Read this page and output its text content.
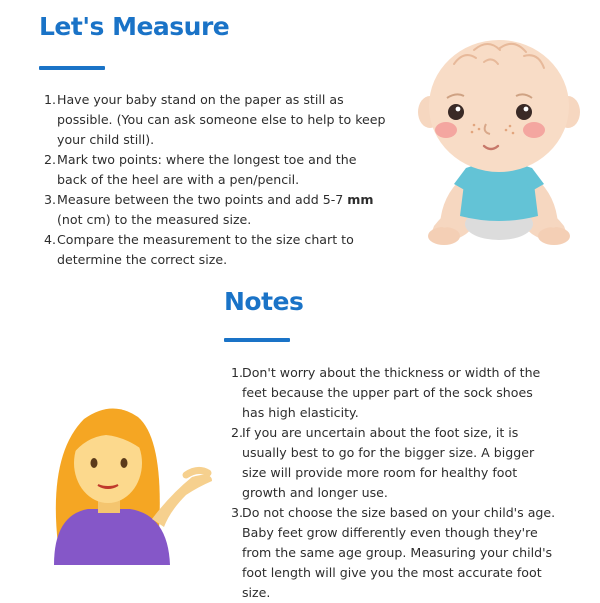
Let's Measure
1. Have your baby stand on the paper as still as possible. (You can ask someone else to help to keep your child still).
2. Mark two points: where the longest toe and the back of the heel are with a pen/pencil.
3. Measure between the two points and add 5-7 mm (not cm) to the measured size.
4. Compare the measurement to the size chart to determine the correct size.
Notes
1.
Don't worry about the thickness or width of the feet because the upper part of the sock shoes has high elasticity.
2.
If you are uncertain about the foot size, it is usually best to go for the bigger size. A bigger size will provide more room for healthy foot growth and longer use.
3.
Do not choose the size based on your child's age. Baby feet grow differently even though they're from the same age group. Measuring your child's foot length will give you the most accurate foot size.
